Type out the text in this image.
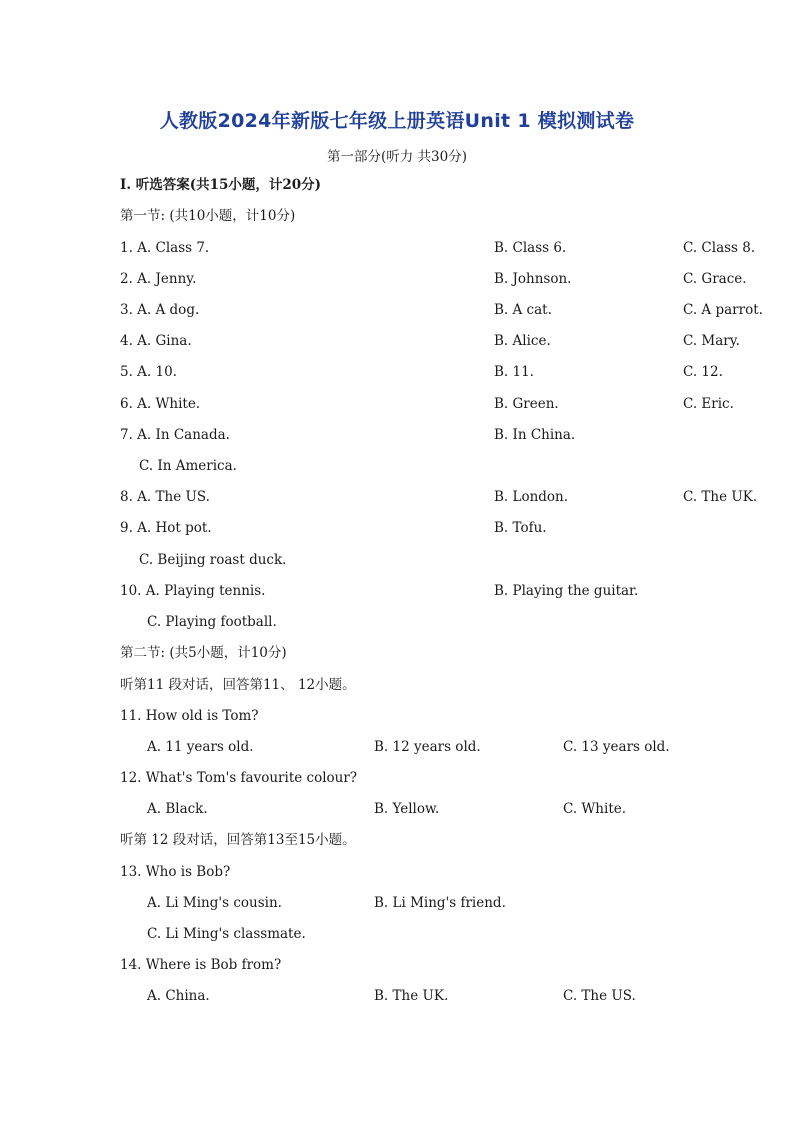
人教版2024年新版七年级上册英语Unit 1 模拟测试卷
第一部分(听力 共30分)
Ⅰ. 听选答案(共15小题，计20分)
第一节: (共10小题，计10分)
1. A. Class 7.	B. Class 6.	C. Class 8.
2. A. Jenny.	B. Johnson.	C. Grace.
3. A. A dog.	B. A cat.	C. A parrot.
4. A. Gina.	B. Alice.	C. Mary.
5. A. 10.	B. 11.	C. 12.
6. A. White.	B. Green.	C. Eric.
7. A. In Canada.	B. In China.
C. In America.
8. A. The US.	B. London.	C. The UK.
9. A. Hot pot.	B. Tofu.
C. Beijing roast duck.
10. A. Playing tennis.	B. Playing the guitar.
C. Playing football.
第二节: (共5小题，计10分)
听第11 段对话，回答第11、 12小题。
11. How old is Tom?
A. 11 years old.	B. 12 years old.	C. 13 years old.
12. What's Tom's favourite colour?
A. Black.	B. Yellow.	C. White.
听第 12 段对话，回答第13至15小题。
13. Who is Bob?
A. Li Ming's cousin.	B. Li Ming's friend.
C. Li Ming's classmate.
14. Where is Bob from?
A. China.	B. The UK.	C. The US.
